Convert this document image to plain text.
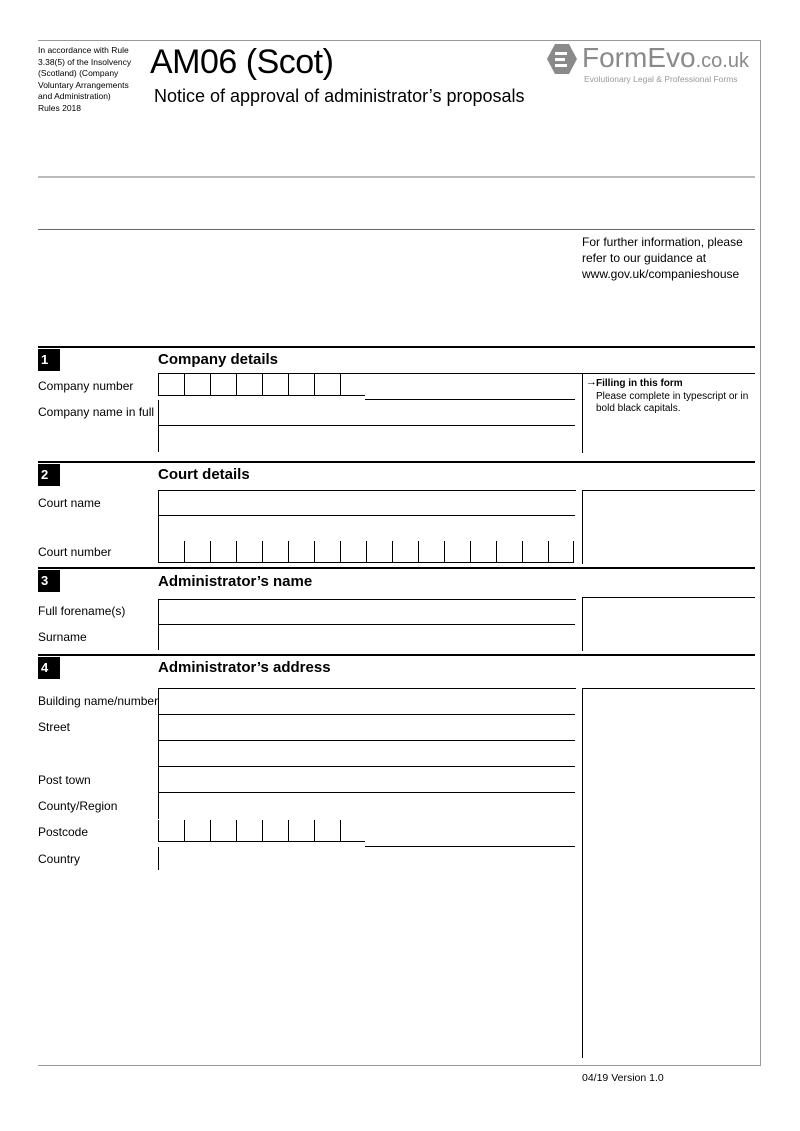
In accordance with Rule
3.38(5) of the Insolvency
(Scotland) (Company
Voluntary Arrangements
and Administration)
Rules 2018
AM06 (Scot)
Notice of approval of administrator’s proposals
FormEvo.co.uk
Evolutionary Legal & Professional Forms
For further information, please
refer to our guidance at
www.gov.uk/companieshouse
1	Company details
Company number
Company name in full
→ Filling in this form
Please complete in typescript or in bold black capitals.
2	Court details
Court name
Court number
3	Administrator’s name
Full forename(s)
Surname
4	Administrator’s address
Building name/number
Street
Post town
County/Region
Postcode
Country
04/19 Version 1.0
